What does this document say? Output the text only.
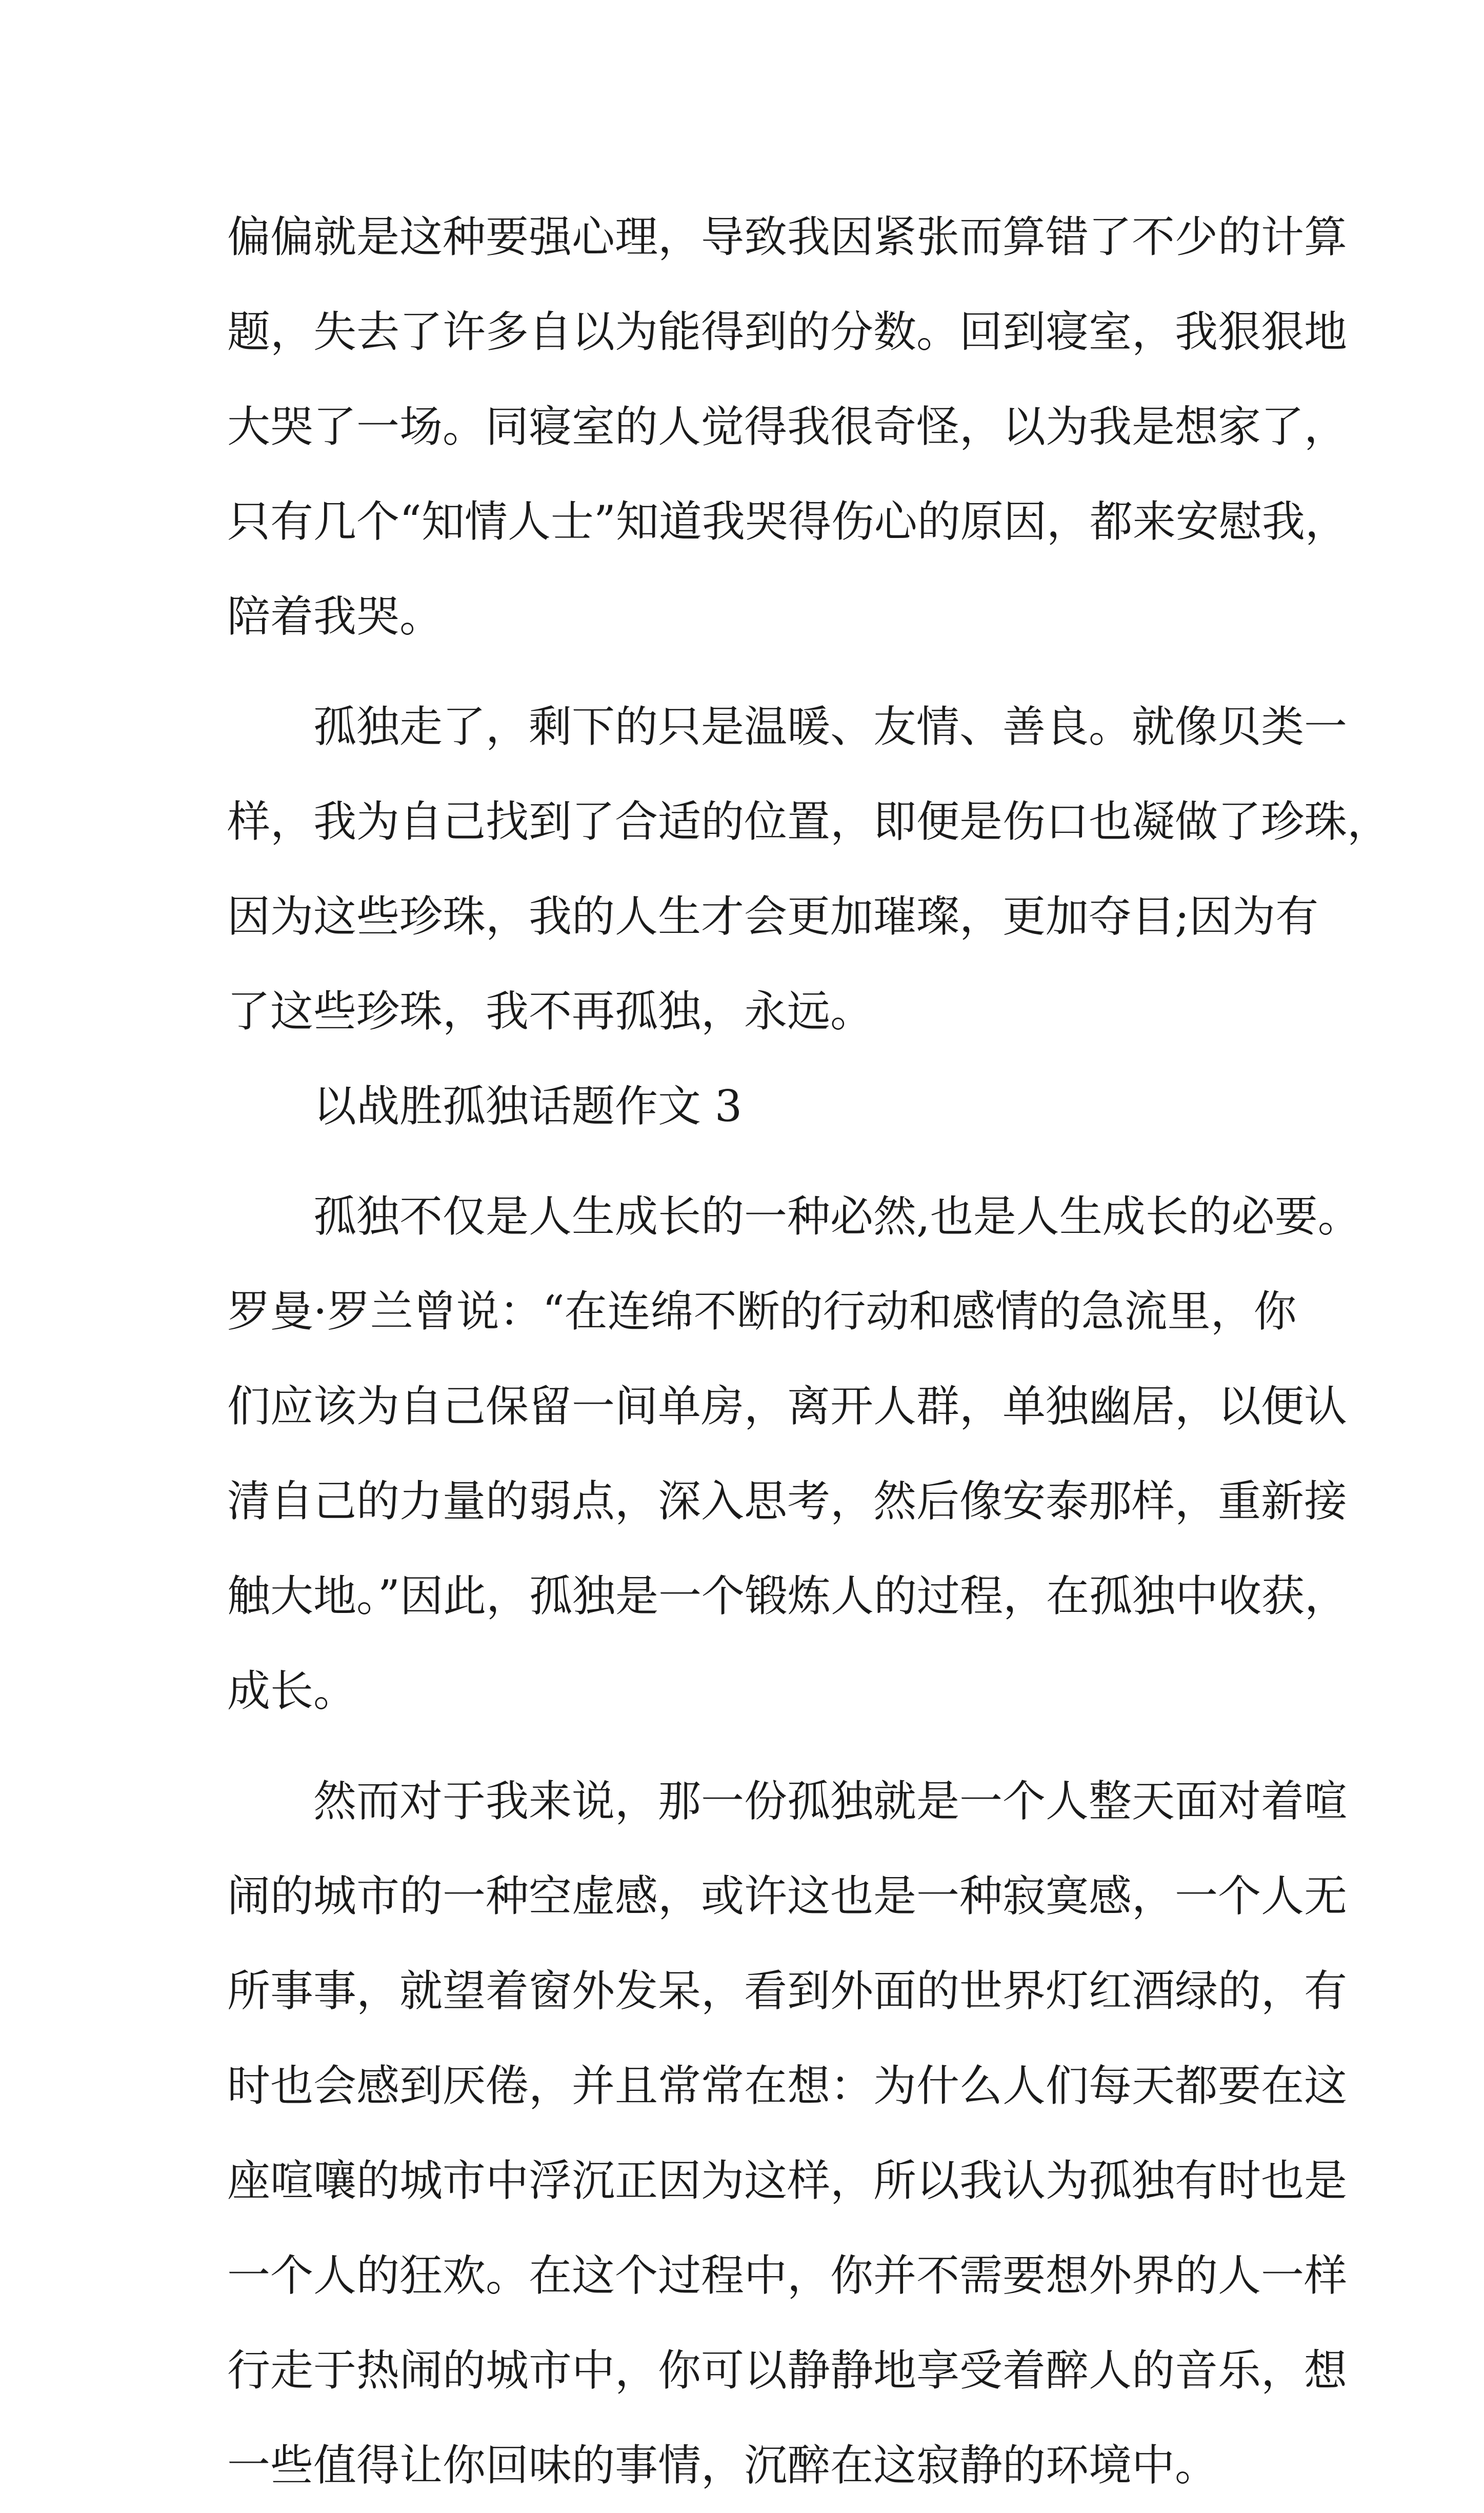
偏偏就是这种要强心理，导致我因紧张而算错了不少的计算
题，失去了许多自以为能得到的分数。回到寝室，我狠狠地
大哭了一场。同寝室的人觉得我很奇怪，以为我是想家了，
只有几个“知情人士”知道我哭得伤心的原因，都来安慰我，
陪着我哭。
孤独走了，剩下的只是温暖、友情、善良。就像贝类一
样，我为自己找到了合适的位置，即便是伤口也凝做了珍珠，
因为这些珍珠，我的人生才会更加璀璨，更加夺目;因为有
了这些珍珠，我不再孤独，永远。
以战胜孤独话题作文 3
孤独不仅是人生成长的一种必然,也是人生成长的必要。
罗曼·罗兰曾说：“在连绵不断的行动和感情的急流里，你
们应该为自己保留一间单房，离开人群，单独幽居，以便认
清自己的力量的弱点，深入思考，然后像安泰那样，重新接
触大地。”因此，孤独是一个锻炼人的过程，在孤独中收获，
成长。
然而对于我来说，那一份孤独就是一个人整天面对着喧
闹的城市的一种空虚感，或许这也是一种寂寞感，一个人无
所事事，就望着窗外发呆，看到外面的世界灯红酒绿的，有
时也会感到厌倦，并且常常在想：为什么人们每天都要在这
座喧嚷的城市中浮沉正因为这样，所以我认为孤独有时也是
一个人的狂欢。在这个过程中，你并不需要想外界的人一样
行走于热闹的城市中，你可以静静地享受着醉人的音乐，想
一些值得让你回味的事情，沉醉在这寂静的环境中。
